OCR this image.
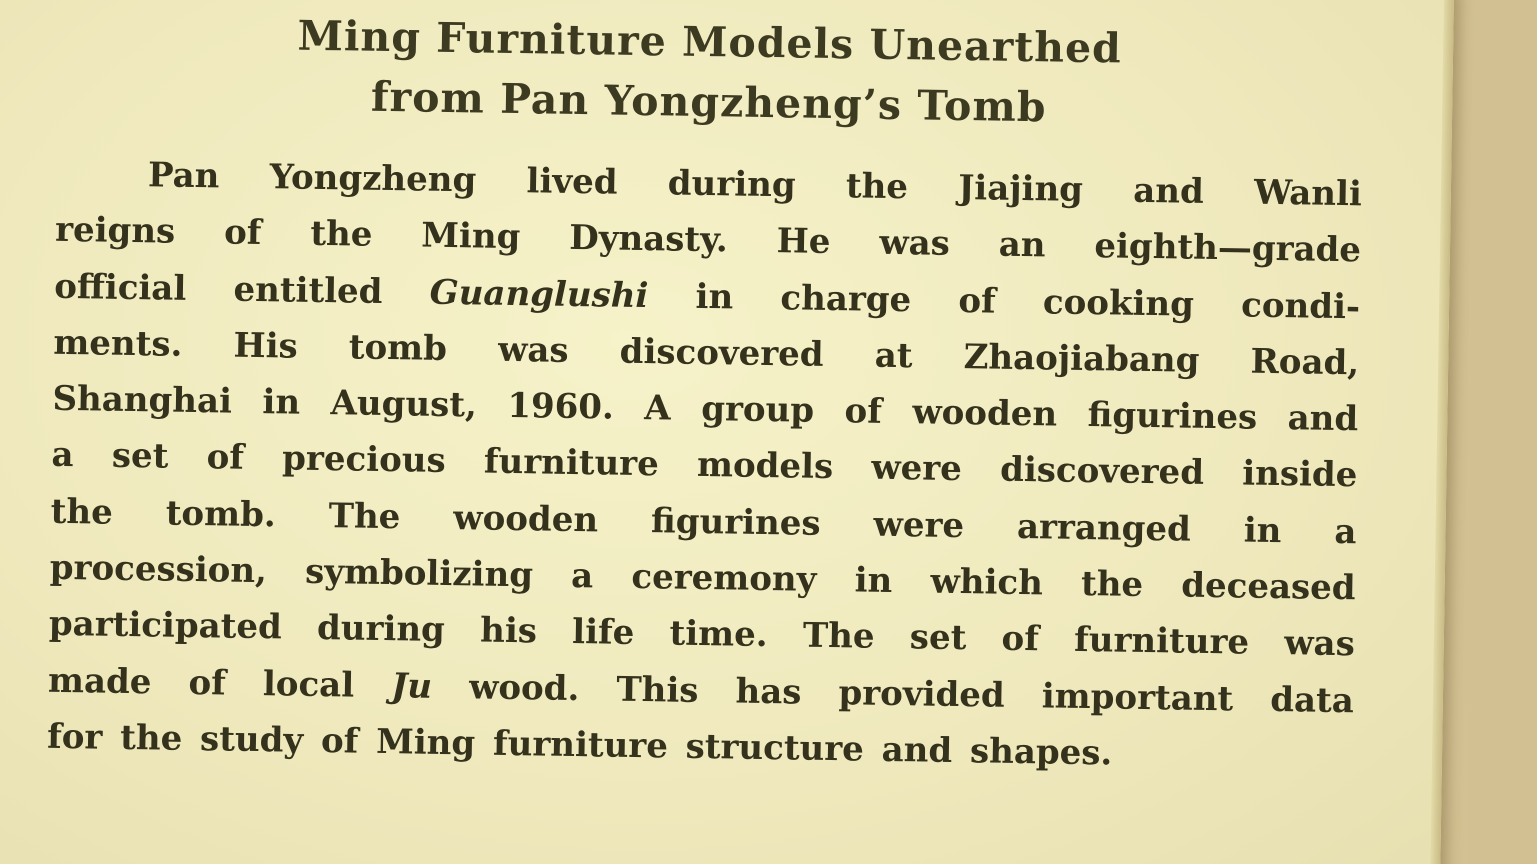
Ming Furniture Models Unearthed
from Pan Yongzheng’s Tomb
Pan Yongzheng lived during the Jiajing and Wanli
reigns of the Ming Dynasty. He was an eighth—grade
official entitled Guanglushi in charge of cooking condi-
ments. His tomb was discovered at Zhaojiabang Road,
Shanghai in August, 1960. A group of wooden figurines and
a set of precious furniture models were discovered inside
the tomb. The wooden figurines were arranged in a
procession, symbolizing a ceremony in which the deceased
participated during his life time. The set of furniture was
made of local Ju wood. This has provided important data
for the study of Ming furniture structure and shapes.
